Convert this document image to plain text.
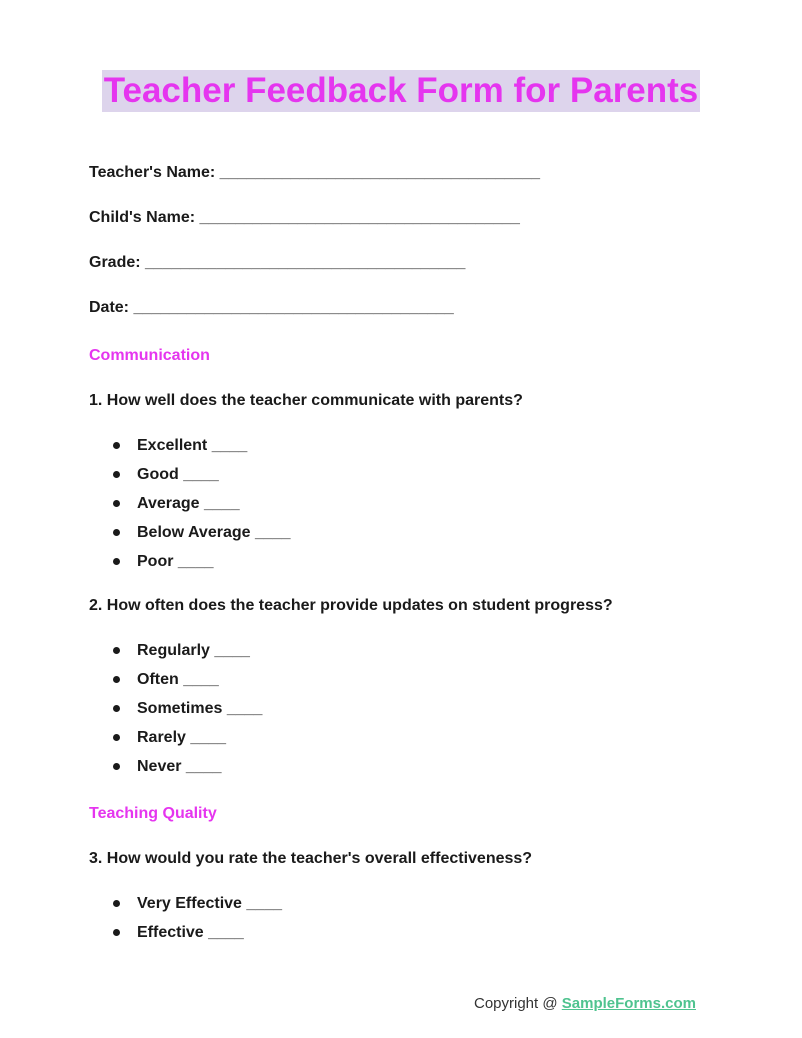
Teacher Feedback Form for Parents
Teacher's Name: ____________________________________
Child's Name: ____________________________________
Grade: ____________________________________
Date: ____________________________________
Communication
1. How well does the teacher communicate with parents?
Excellent ____
Good ____
Average ____
Below Average ____
Poor ____
2. How often does the teacher provide updates on student progress?
Regularly ____
Often ____
Sometimes ____
Rarely ____
Never ____
Teaching Quality
3. How would you rate the teacher's overall effectiveness?
Very Effective ____
Effective ____
Copyright @ SampleForms.com
